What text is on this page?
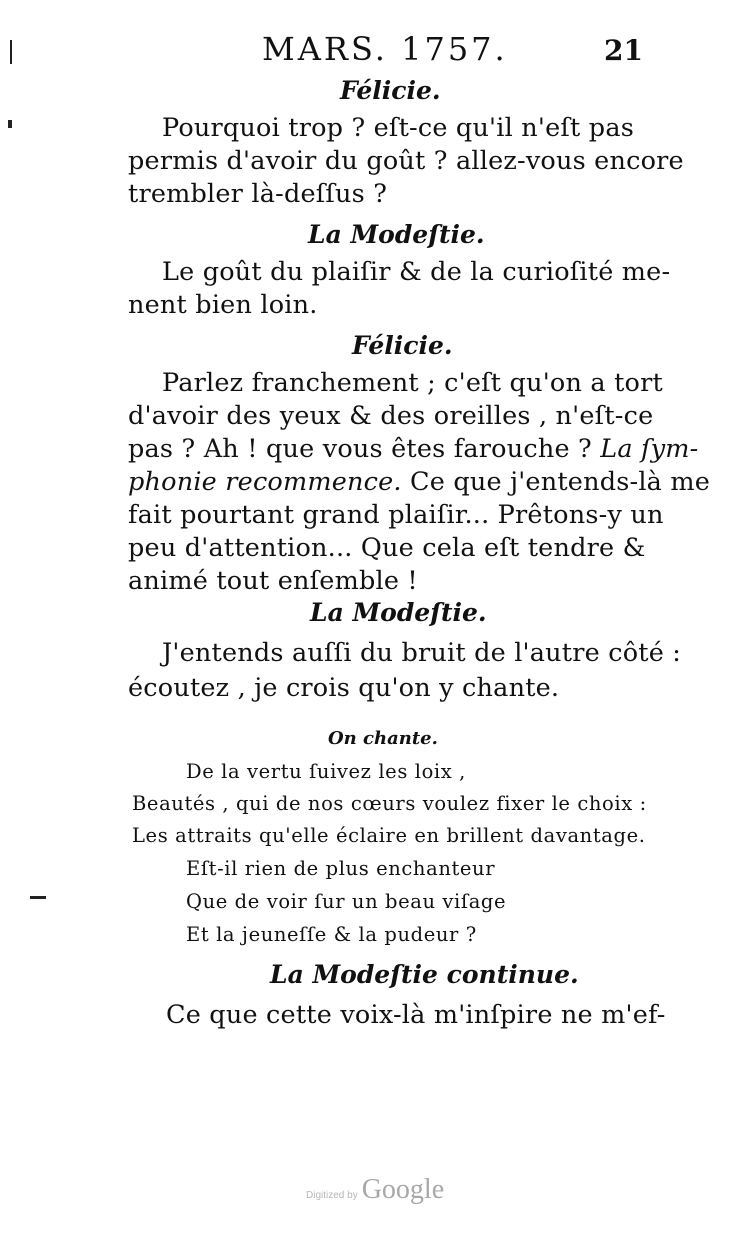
MARS. 1757.	21
Félicie.
Pourquoi trop ? eſt-ce qu'il n'eſt pas
permis d'avoir du goût ? allez-vous encore
trembler là-deſſus ?
La Modeſtie.
Le goût du plaiſir & de la curioſité me-
nent bien loin.
Félicie.
Parlez franchement ; c'eſt qu'on a tort
d'avoir des yeux & des oreilles , n'eſt-ce
pas ? Ah ! que vous êtes farouche ? La ſym-
phonie recommence. Ce que j'entends-là me
fait pourtant grand plaiſir... Prêtons-y un
peu d'attention... Que cela eſt tendre &
animé tout enſemble !
La Modeſtie.
J'entends auſſi du bruit de l'autre côté :
écoutez , je crois qu'on y chante.
On chante.
De la vertu ſuivez les loix ,
Beautés , qui de nos cœurs voulez fixer le choix :
Les attraits qu'elle éclaire en brillent davantage.
Eſt-il rien de plus enchanteur
Que de voir ſur un beau viſage
Et la jeuneſſe & la pudeur ?
La Modeſtie continue.
Ce que cette voix-là m'inſpire ne m'ef-
Digitized by Google
